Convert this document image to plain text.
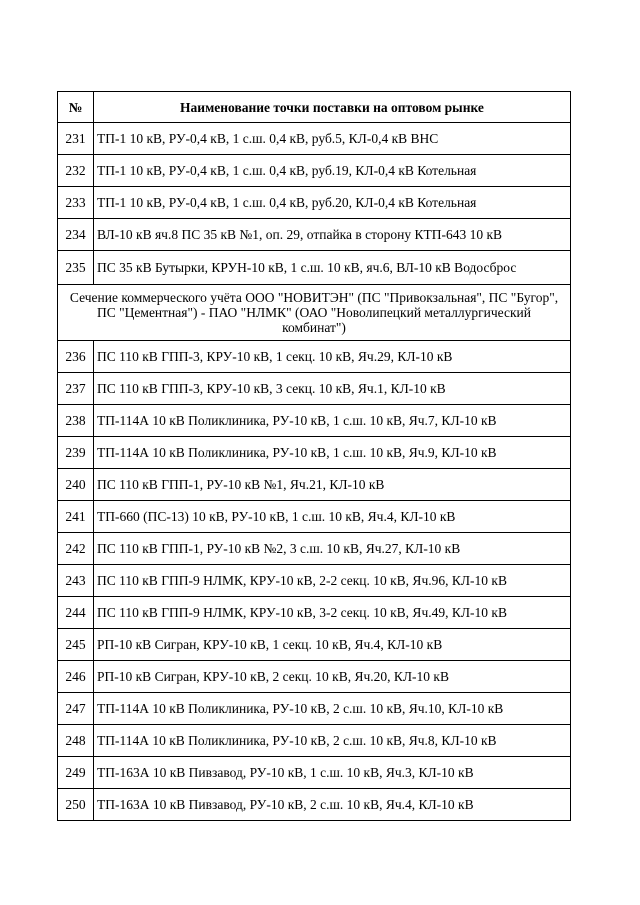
№	Наименование точки поставки на оптовом рынке
231	ТП-1 10 кВ, РУ-0,4 кВ, 1 с.ш. 0,4 кВ, руб.5, КЛ-0,4 кВ ВНС
232	ТП-1 10 кВ, РУ-0,4 кВ, 1 с.ш. 0,4 кВ, руб.19, КЛ-0,4 кВ Котельная
233	ТП-1 10 кВ, РУ-0,4 кВ, 1 с.ш. 0,4 кВ, руб.20, КЛ-0,4 кВ Котельная
234	ВЛ-10 кВ яч.8 ПС 35 кВ №1, оп. 29, отпайка в сторону КТП-643 10 кВ
235	ПС 35 кВ Бутырки, КРУН-10 кВ, 1 с.ш. 10 кВ, яч.6, ВЛ-10 кВ Водосброс
Сечение коммерческого учёта ООО "НОВИТЭН" (ПС "Привокзальная", ПС "Бугор", ПС "Цементная") - ПАО "НЛМК" (ОАО "Новолипецкий металлургический комбинат")	
236	ПС 110 кВ ГПП-3, КРУ-10 кВ, 1 секц. 10 кВ, Яч.29, КЛ-10 кВ
237	ПС 110 кВ ГПП-3, КРУ-10 кВ, 3 секц. 10 кВ, Яч.1, КЛ-10 кВ
238	ТП-114А 10 кВ Поликлиника, РУ-10 кВ, 1 с.ш. 10 кВ, Яч.7, КЛ-10 кВ
239	ТП-114А 10 кВ Поликлиника, РУ-10 кВ, 1 с.ш. 10 кВ, Яч.9, КЛ-10 кВ
240	ПС 110 кВ ГПП-1, РУ-10 кВ №1, Яч.21, КЛ-10 кВ
241	ТП-660 (ПС-13) 10 кВ, РУ-10 кВ, 1 с.ш. 10 кВ, Яч.4, КЛ-10 кВ
242	ПС 110 кВ ГПП-1, РУ-10 кВ №2, 3 с.ш. 10 кВ, Яч.27, КЛ-10 кВ
243	ПС 110 кВ ГПП-9 НЛМК, КРУ-10 кВ, 2-2 секц. 10 кВ, Яч.96, КЛ-10 кВ
244	ПС 110 кВ ГПП-9 НЛМК, КРУ-10 кВ, 3-2 секц. 10 кВ, Яч.49, КЛ-10 кВ
245	РП-10 кВ Сигран, КРУ-10 кВ, 1 секц. 10 кВ, Яч.4, КЛ-10 кВ
246	РП-10 кВ Сигран, КРУ-10 кВ, 2 секц. 10 кВ, Яч.20, КЛ-10 кВ
247	ТП-114А 10 кВ Поликлиника, РУ-10 кВ, 2 с.ш. 10 кВ, Яч.10, КЛ-10 кВ
248	ТП-114А 10 кВ Поликлиника, РУ-10 кВ, 2 с.ш. 10 кВ, Яч.8, КЛ-10 кВ
249	ТП-163А 10 кВ Пивзавод, РУ-10 кВ, 1 с.ш. 10 кВ, Яч.3, КЛ-10 кВ
250	ТП-163А 10 кВ Пивзавод, РУ-10 кВ, 2 с.ш. 10 кВ, Яч.4, КЛ-10 кВ
